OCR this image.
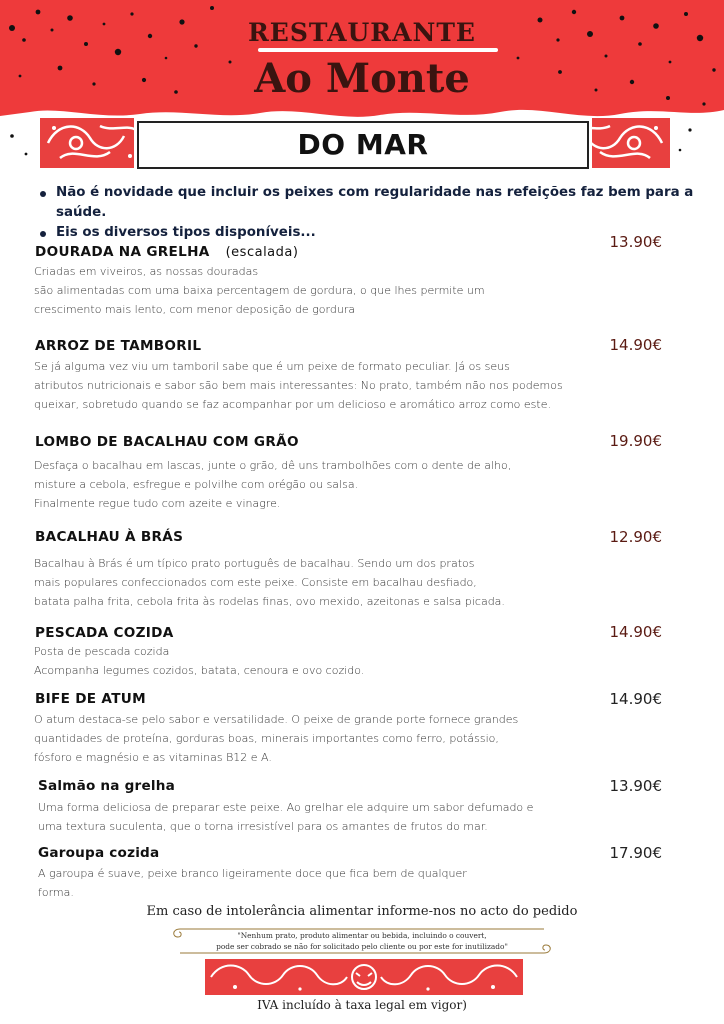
RESTAURANTE
Ao Monte
DO MAR
Não é novidade que incluir os peixes com regularidade nas refeições faz bem para a saúde.
Eis os diversos tipos disponíveis...
DOURADA NA GRELHA (escalada)
13.90€
Criadas em viveiros, as nossas douradas
são alimentadas com uma baixa percentagem de gordura, o que lhes permite um
crescimento mais lento, com menor deposição de gordura
ARROZ DE TAMBORIL	14.90€
Se já alguma vez viu um tamboril sabe que é um peixe de formato peculiar. Já os seus
atributos nutricionais e sabor são bem mais interessantes: No prato, também não nos podemos
queixar, sobretudo quando se faz acompanhar por um delicioso e aromático arroz como este.
LOMBO DE BACALHAU COM GRÃO	19.90€
Desfaça o bacalhau em lascas, junte o grão, dê uns trambolhões com o dente de alho,
misture a cebola, esfregue e polvilhe com orégão ou salsa.
Finalmente regue tudo com azeite e vinagre.
BACALHAU À BRÁS	12.90€
Bacalhau à Brás é um típico prato português de bacalhau. Sendo um dos pratos
mais populares confeccionados com este peixe. Consiste em bacalhau desfiado,
batata palha frita, cebola frita às rodelas finas, ovo mexido, azeitonas e salsa picada.
PESCADA COZIDA	14.90€
Posta de pescada cozida
Acompanha legumes cozidos, batata, cenoura e ovo cozido.
BIFE DE ATUM	14.90€
O atum destaca-se pelo sabor e versatilidade. O peixe de grande porte fornece grandes
quantidades de proteína, gorduras boas, minerais importantes como ferro, potássio,
fósforo e magnésio e as vitaminas B12 e A.
Salmão na grelha	13.90€
Uma forma deliciosa de preparar este peixe. Ao grelhar ele adquire um sabor defumado e
uma textura suculenta, que o torna irresistível para os amantes de frutos do mar.
Garoupa cozida	17.90€
A garoupa é suave, peixe branco ligeiramente doce que fica bem de qualquer
forma.
Em caso de intolerância alimentar informe-nos no acto do pedido
"Nenhum prato, produto alimentar ou bebida, incluindo o couvert,
pode ser cobrado se não for solicitado pelo cliente ou por este for inutilizado"
IVA incluído à taxa legal em vigor)
